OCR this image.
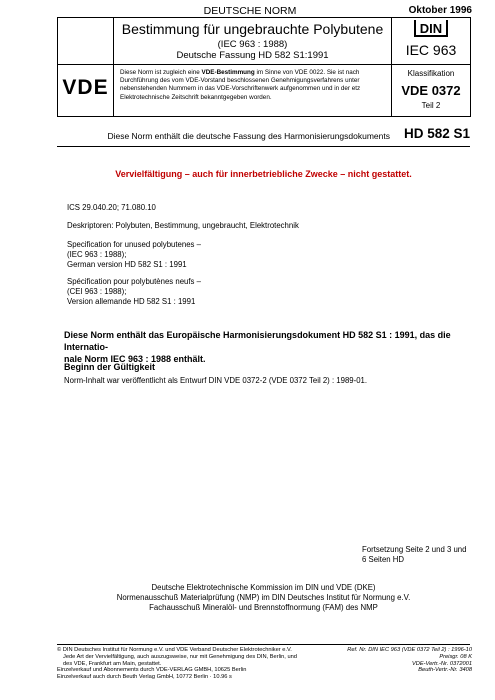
DEUTSCHE NORM	Oktober 1996
Bestimmung für ungebrauchte Polybutene
(IEC 963 : 1988)
Deutsche Fassung HD 582 S1:1991
DIN
IEC 963
VDE
Diese Norm ist zugleich eine VDE-Bestimmung im Sinne von VDE 0022. Sie ist nach Durchführung des vom VDE-Vorstand beschlossenen Genehmigungsverfahrens unter nebenstehenden Nummern in das VDE-Vorschriftenwerk aufgenommen und in der etz Elektrotechnische Zeitschrift bekanntgegeben worden.
Klassifikation
VDE 0372
Teil 2
Diese Norm enthält die deutsche Fassung des Harmonisierungsdokuments	HD 582 S1
Vervielfältigung – auch für innerbetriebliche Zwecke – nicht gestattet.
ICS 29.040.20; 71.080.10
Deskriptoren: Polybuten, Bestimmung, ungebraucht, Elektrotechnik
Specification for unused polybutenes –
(IEC 963 : 1988);
German version HD 582 S1 : 1991
Spécification pour polybutènes neufs –
(CEI 963 : 1988);
Version allemande HD 582 S1 : 1991
Diese Norm enthält das Europäische Harmonisierungsdokument HD 582 S1 : 1991, das die Internatio-
nale Norm IEC 963 : 1988 enthält.
Beginn der Gültigkeit
Norm-Inhalt war veröffentlicht als Entwurf DIN VDE 0372-2 (VDE 0372 Teil 2) : 1989-01.
Fortsetzung Seite 2 und 3 und
6 Seiten HD
Deutsche Elektrotechnische Kommission im DIN und VDE (DKE)
Normenausschuß Materialprüfung (NMP) im DIN Deutsches Institut für Normung e.V.
Fachausschuß Mineralöl- und Brennstoffnormung (FAM) des NMP
© DIN Deutsches Institut für Normung e.V. und VDE Verband Deutscher Elektrotechniker e.V.
Jede Art der Vervielfältigung, auch auszugsweise, nur mit Genehmigung des DIN, Berlin, und
des VDE, Frankfurt am Main, gestattet.
Einzelverkauf und Abonnements durch VDE-VERLAG GMBH, 10625 Berlin
Einzelverkauf auch durch Beuth Verlag GmbH, 10772 Berlin · 10.96 s
Ref. Nr. DIN IEC 963 (VDE 0372 Teil 2) : 1996-10
Preisgr. 08 K
VDE-Vertr.-Nr. 0372001
Beuth-Vertr.-Nr. 3408
